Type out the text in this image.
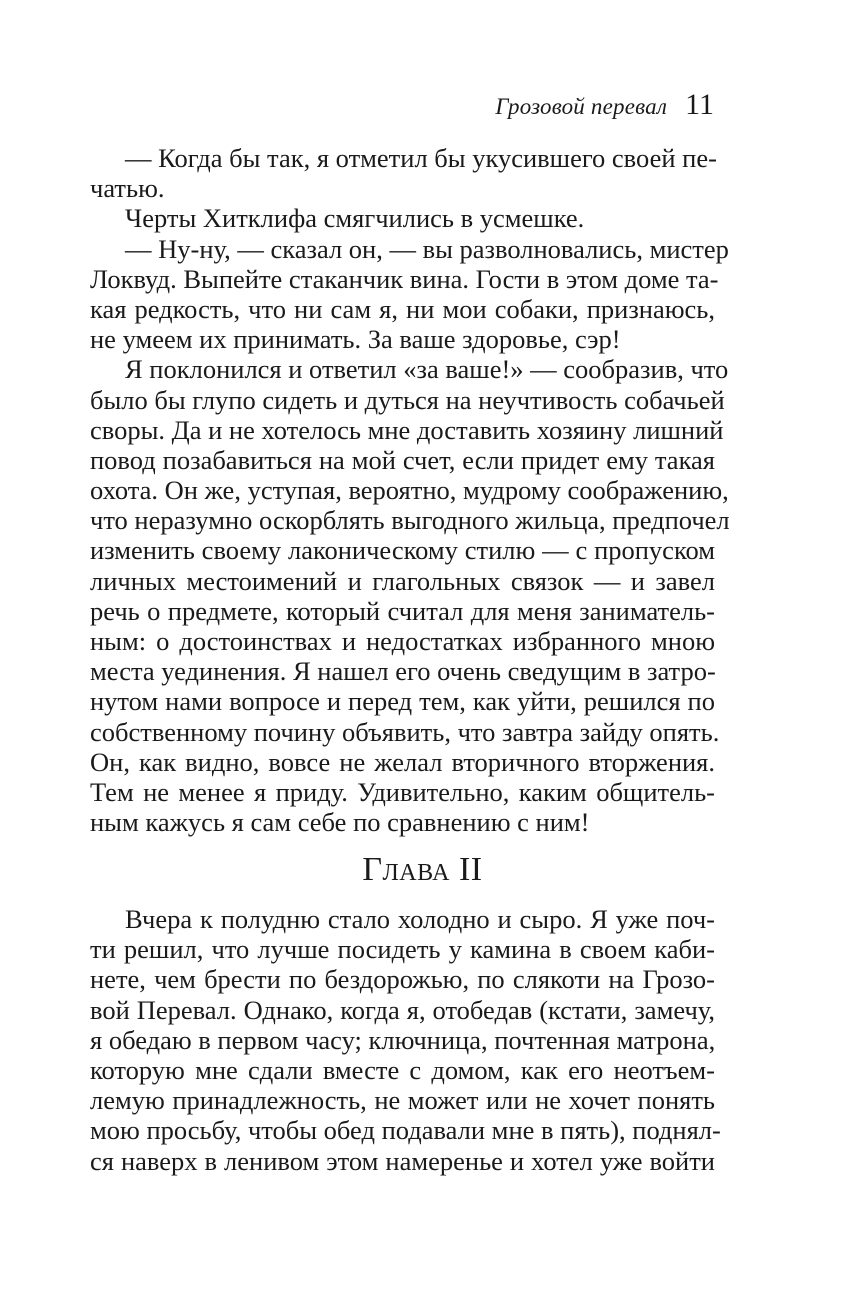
Грозовой перевал 11
— Когда бы так, я отметил бы укусившего своей пе-
чатью.
Черты Хитклифа смягчились в усмешке.
— Ну-ну, — сказал он, — вы разволновались, мистер
Локвуд. Выпейте стаканчик вина. Гости в этом доме та-
кая редкость, что ни сам я, ни мои собаки, признаюсь,
не умеем их принимать. За ваше здоровье, сэр!
Я поклонился и ответил «за ваше!» — сообразив, что
было бы глупо сидеть и дуться на неучтивость собачьей
своры. Да и не хотелось мне доставить хозяину лишний
повод позабавиться на мой счет, если придет ему такая
охота. Он же, уступая, вероятно, мудрому соображению,
что неразумно оскорблять выгодного жильца, предпочел
изменить своему лаконическому стилю — с пропуском
личных местоимений и глагольных связок — и завел
речь о предмете, который считал для меня заниматель-
ным: о достоинствах и недостатках избранного мною
места уединения. Я нашел его очень сведущим в затро-
нутом нами вопросе и перед тем, как уйти, решился по
собственному почину объявить, что завтра зайду опять.
Он, как видно, вовсе не желал вторичного вторжения.
Тем не менее я приду. Удивительно, каким общитель-
ным кажусь я сам себе по сравнению с ним!
Глава II
Вчера к полудню стало холодно и сыро. Я уже поч-
ти решил, что лучше посидеть у камина в своем каби-
нете, чем брести по бездорожью, по слякоти на Грозо-
вой Перевал. Однако, когда я, отобедав (кстати, замечу,
я обедаю в первом часу; ключница, почтенная матрона,
которую мне сдали вместе с домом, как его неотъем-
лемую принадлежность, не может или не хочет понять
мою просьбу, чтобы обед подавали мне в пять), поднял-
ся наверх в ленивом этом намеренье и хотел уже войти
